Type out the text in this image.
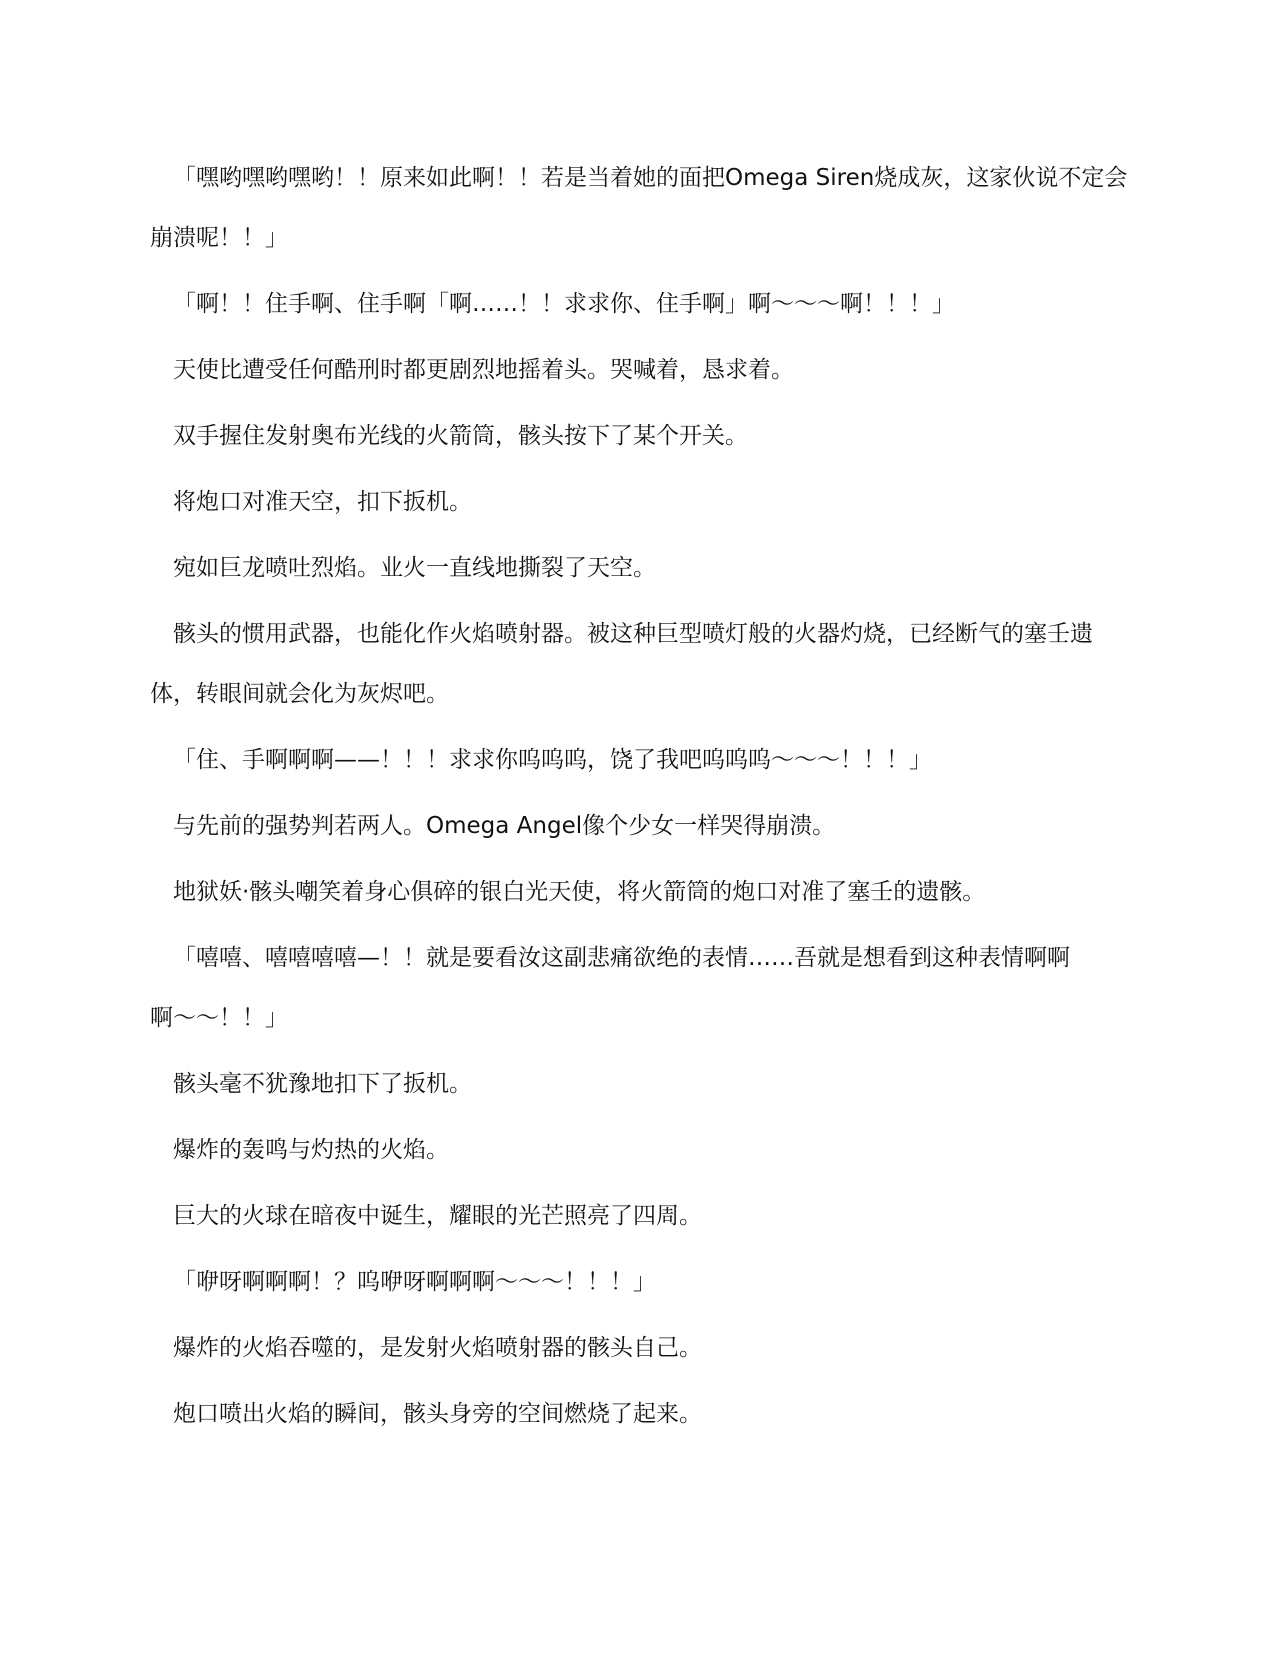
「嘿哟嘿哟嘿哟！！原来如此啊！！若是当着她的面把Omega Siren烧成灰，这家伙说不定会崩溃呢！！」

「啊！！住手啊、住手啊「啊……！！求求你、住手啊」啊〜〜〜啊！！！」

天使比遭受任何酷刑时都更剧烈地摇着头。哭喊着，恳求着。

双手握住发射奥布光线的火箭筒，骸头按下了某个开关。

将炮口对准天空，扣下扳机。

宛如巨龙喷吐烈焰。业火一直线地撕裂了天空。

骸头的惯用武器，也能化作火焰喷射器。被这种巨型喷灯般的火器灼烧，已经断气的塞壬遗体，转眼间就会化为灰烬吧。

「住、手啊啊啊——！！！求求你呜呜呜，饶了我吧呜呜呜〜〜〜！！！」

与先前的强势判若两人。Omega Angel像个少女一样哭得崩溃。

地狱妖·骸头嘲笑着身心俱碎的银白光天使，将火箭筒的炮口对准了塞壬的遗骸。

「嘻嘻、嘻嘻嘻嘻—！！就是要看汝这副悲痛欲绝的表情……吾就是想看到这种表情啊啊啊〜〜！！」

骸头毫不犹豫地扣下了扳机。

爆炸的轰鸣与灼热的火焰。

巨大的火球在暗夜中诞生，耀眼的光芒照亮了四周。

「咿呀啊啊啊！？呜咿呀啊啊啊〜〜〜！！！」

爆炸的火焰吞噬的，是发射火焰喷射器的骸头自己。

炮口喷出火焰的瞬间，骸头身旁的空间燃烧了起来。
